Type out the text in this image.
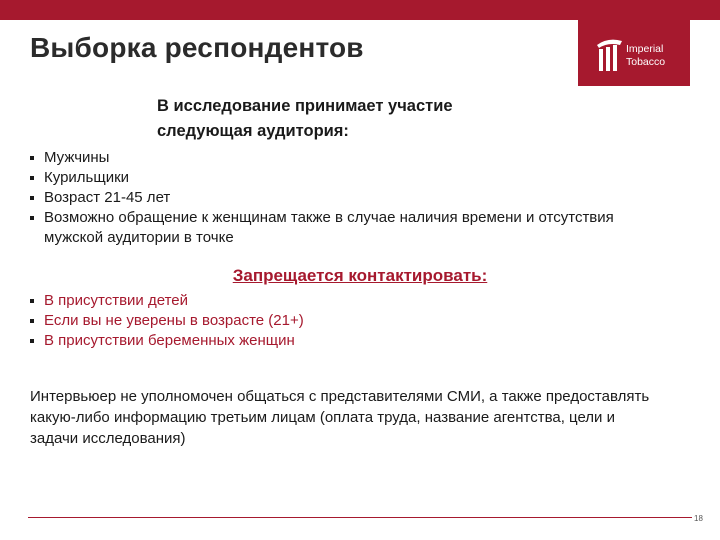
Imperial
Tobacco
Выборка респондентов
В исследование принимает участие
следующая аудитория:
Мужчины
Курильщики
Возраст 21-45 лет
Возможно обращение к женщинам также в случае наличия времени и отсутствия мужской аудитории в точке
Запрещается контактировать:
В присутствии детей
Если вы не уверены в возрасте (21+)
В присутствии беременных женщин

Интервьюер не уполномочен общаться с представителями СМИ, а также предоставлять какую-либо информацию третьим лицам (оплата труда, название агентства, цели и задачи исследования)

18
